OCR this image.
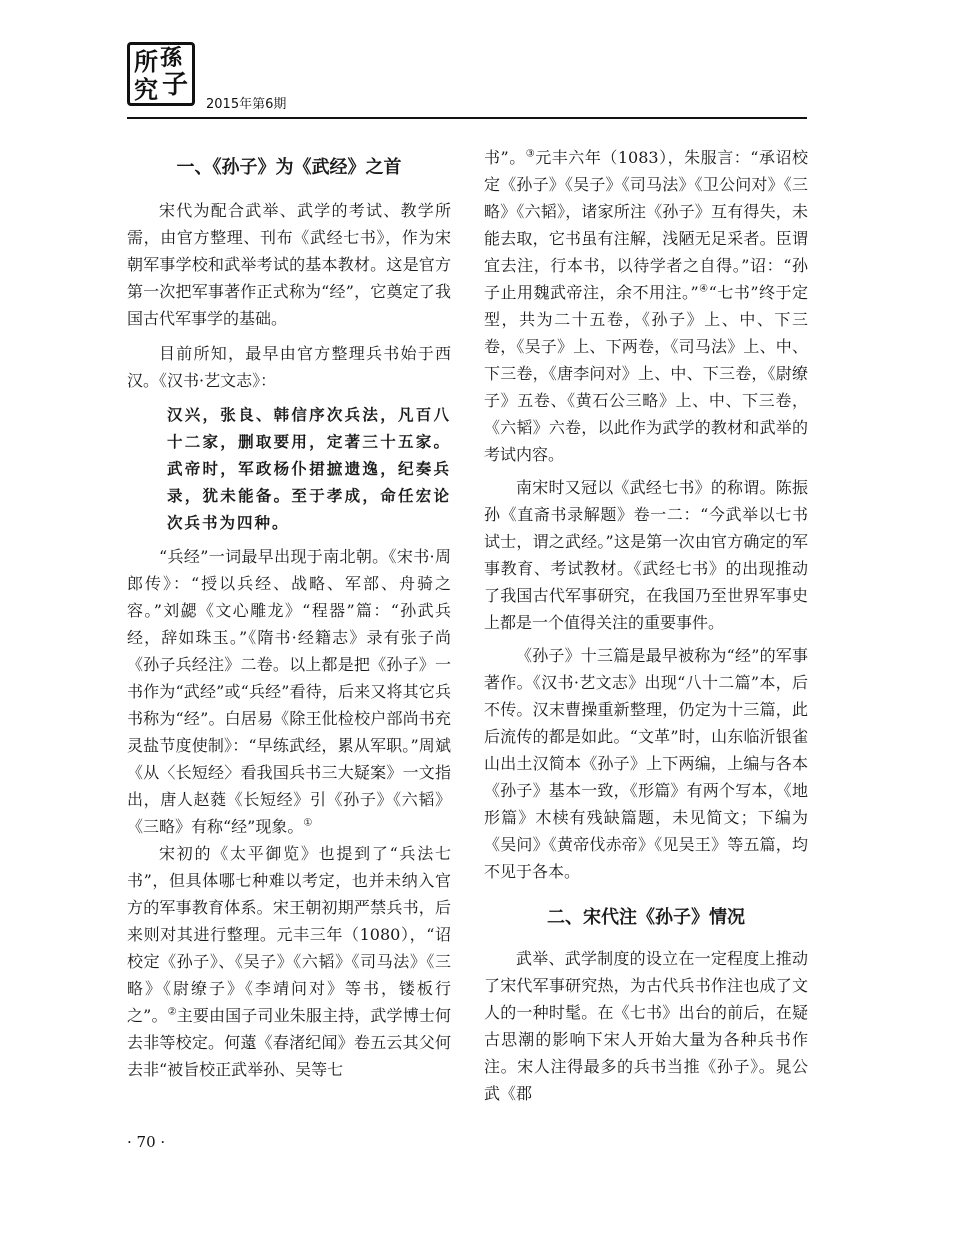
所 孫
究 子
2015年第6期

一、《孙子》为《武经》之首

宋代为配合武举、武学的考试、教学所需，由官方整理、刊布《武经七书》，作为宋朝军事学校和武举考试的基本教材。这是官方第一次把军事著作正式称为“经”，它奠定了我国古代军事学的基础。

目前所知，最早由官方整理兵书始于西汉。《汉书·艺文志》：

汉兴，张良、韩信序次兵法，凡百八十二家，删取要用，定著三十五家。武帝时，军政杨仆捃摭遗逸，纪奏兵录，犹未能备。至于孝成，命任宏论次兵书为四种。

“兵经”一词最早出现于南北朝。《宋书·周郎传》：“授以兵经、战略、军部、舟骑之容。”刘勰《文心雕龙》“程器”篇：“孙武兵经，辞如珠玉。”《隋书·经籍志》录有张子尚《孙子兵经注》二卷。以上都是把《孙子》一书作为“武经”或“兵经”看待，后来又将其它兵书称为“经”。白居易《除王仳检校户部尚书充灵盐节度使制》：“早练武经，累从军职。”周斌《从〈长短经〉看我国兵书三大疑案》一文指出，唐人赵蕤《长短经》引《孙子》《六韬》《三略》有称“经”现象。①

宋初的《太平御览》也提到了“兵法七书”，但具体哪七种难以考定，也并未纳入官方的军事教育体系。宋王朝初期严禁兵书，后来则对其进行整理。元丰三年（1080），“诏校定《孙子》、《吴子》《六韬》《司马法》《三略》《尉缭子》《李靖问对》等书，镂板行之”。②主要由国子司业朱服主持，武学博士何去非等校定。何薳《春渚纪闻》卷五云其父何去非“被旨校正武举孙、吴等七

书”。③元丰六年（1083），朱服言：“承诏校定《孙子》《吴子》《司马法》《卫公问对》《三略》《六韬》，诸家所注《孙子》互有得失，未能去取，它书虽有注解，浅陋无足采者。臣谓宜去注，行本书，以待学者之自得。”诏：“孙子止用魏武帝注，余不用注。”④“七书”终于定型，共为二十五卷，《孙子》上、中、下三卷，《吴子》上、下两卷，《司马法》上、中、下三卷，《唐李问对》上、中、下三卷，《尉缭子》五卷、《黄石公三略》上、中、下三卷，《六韬》六卷，以此作为武学的教材和武举的考试内容。

南宋时又冠以《武经七书》的称谓。陈振孙《直斋书录解题》卷一二：“今武举以七书试士，谓之武经。”这是第一次由官方确定的军事教育、考试教材。《武经七书》的出现推动了我国古代军事研究，在我国乃至世界军事史上都是一个值得关注的重要事件。

《孙子》十三篇是最早被称为“经”的军事著作。《汉书·艺文志》出现“八十二篇”本，后不传。汉末曹操重新整理，仍定为十三篇，此后流传的都是如此。“文革”时，山东临沂银雀山出土汉简本《孙子》上下两编，上编与各本《孙子》基本一致，《形篇》有两个写本，《地形篇》木椟有残缺篇题，未见简文；下编为《吴问》《黄帝伐赤帝》《见吴王》等五篇，均不见于各本。

二、宋代注《孙子》情况

武举、武学制度的设立在一定程度上推动了宋代军事研究热，为古代兵书作注也成了文人的一种时髦。在《七书》出台的前后，在疑古思潮的影响下宋人开始大量为各种兵书作注。宋人注得最多的兵书当推《孙子》。晁公武《郡

· 70 ·
